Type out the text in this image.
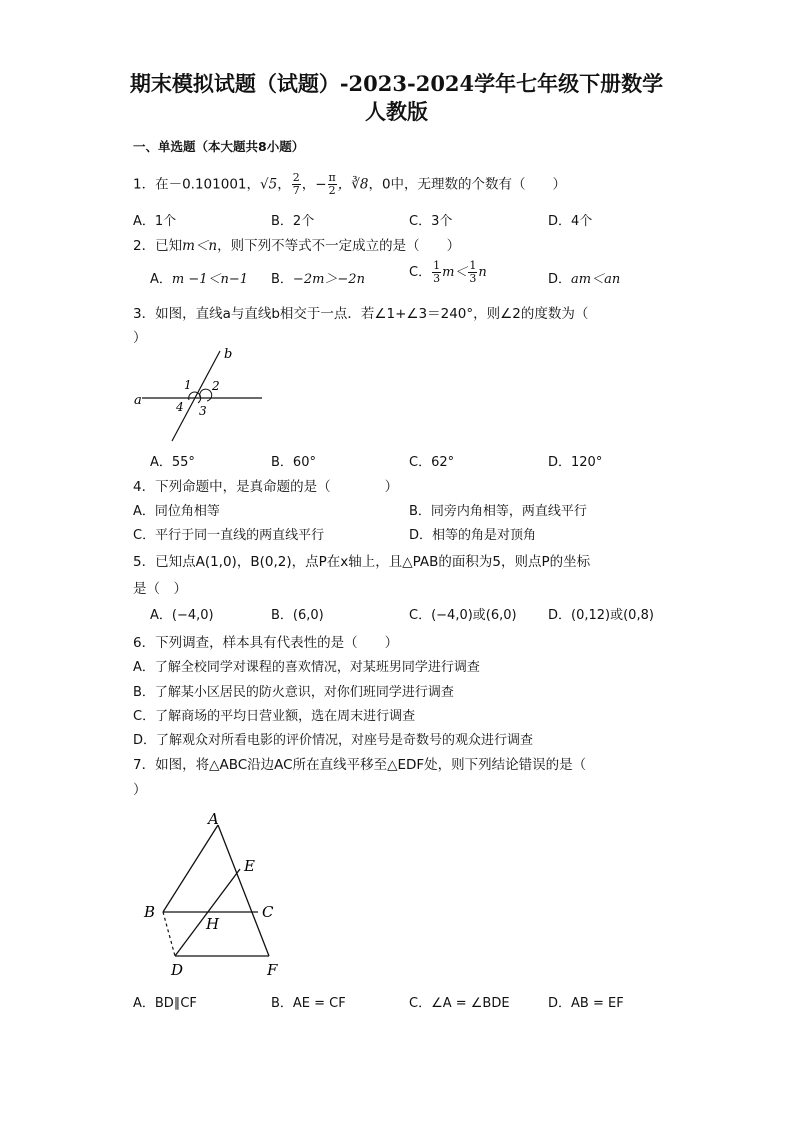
期末模拟试题（试题）-2023-2024学年七年级下册数学
人教版
一、单选题（本大题共8小题）
1．在－0.101001，√5， $\frac{2}{7}$ ，− $\frac{\pi}{2}$ ，∛8，0中，无理数的个数有（　　）
A．1个	B．2个	C．3个	D．4个
2．已知m＜n，则下列不等式不一定成立的是（　　）
A．m −1＜n−1 B．−2m＞−2n	C． $\frac{1}{3} m< \frac{1}{3}$ n	D．am＜an
3．如图，直线a与直线b相交于一点．若∠1+∠3＝240°，则∠2的度数为（
）
a
b
1 2
3
4
A．55°	B．60°	C．62°	D．120°
4．下列命题中，是真命题的是（　　　　）
A．同位角相等	B．同旁内角相等，两直线平行
C．平行于同一直线的两直线平行	D．相等的角是对顶角
5．已知点A(1,0)，B(0,2)，点P在x轴上，且△PAB的面积为5，则点P的坐标
是（　）
A．(−4,0)	B．(6,0)	C．(−4,0)或(6,0) D．(0,12)或(0,8)
6．下列调查，样本具有代表性的是（　　）
A．了解全校同学对课程的喜欢情况，对某班男同学进行调查
B．了解某小区居民的防火意识，对你们班同学进行调查
C．了解商场的平均日营业额，选在周末进行调查
D．了解观众对所看电影的评价情况，对座号是奇数号的观众进行调查
7．如图，将△ABC沿边AC所在直线平移至△EDF处，则下列结论错误的是（
）
A
B	C
D
E
F
H
A．BD∥CF	B．AE = CF	C．∠A = ∠BDE	D．AB = EF
